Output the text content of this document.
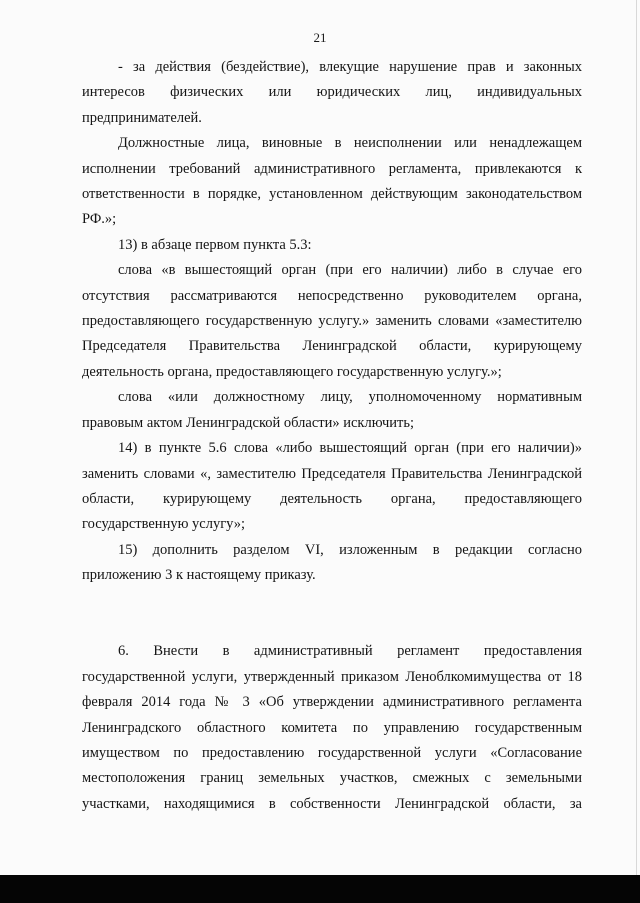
21

- за действия (бездействие), влекущие нарушение прав и законных интересов физических или юридических лиц, индивидуальных предпринимателей.

Должностные лица, виновные в неисполнении или ненадлежащем исполнении требований административного регламента, привлекаются к ответственности в порядке, установленном действующим законодательством РФ.»;

13) в абзаце первом пункта 5.3:

слова «в вышестоящий орган (при его наличии) либо в случае его отсутствия рассматриваются непосредственно руководителем органа, предоставляющего государственную услугу.» заменить словами «заместителю Председателя Правительства Ленинградской области, курирующему деятельность органа, предоставляющего государственную услугу.»;

слова «или должностному лицу, уполномоченному нормативным правовым актом Ленинградской области» исключить;

14) в пункте 5.6 слова «либо вышестоящий орган (при его наличии)» заменить словами «, заместителю Председателя Правительства Ленинградской области, курирующему деятельность органа, предоставляющего государственную услугу»;

15) дополнить разделом VI, изложенным в редакции согласно приложению 3 к настоящему приказу.

6. Внести в административный регламент предоставления государственной услуги, утвержденный приказом Леноблкомимущества от 18 февраля 2014 года № 3 «Об утверждении административного регламента Ленинградского областного комитета по управлению государственным имуществом по предоставлению государственной услуги «Согласование местоположения границ земельных участков, смежных с земельными участками, находящимися в собственности Ленинградской области, за
